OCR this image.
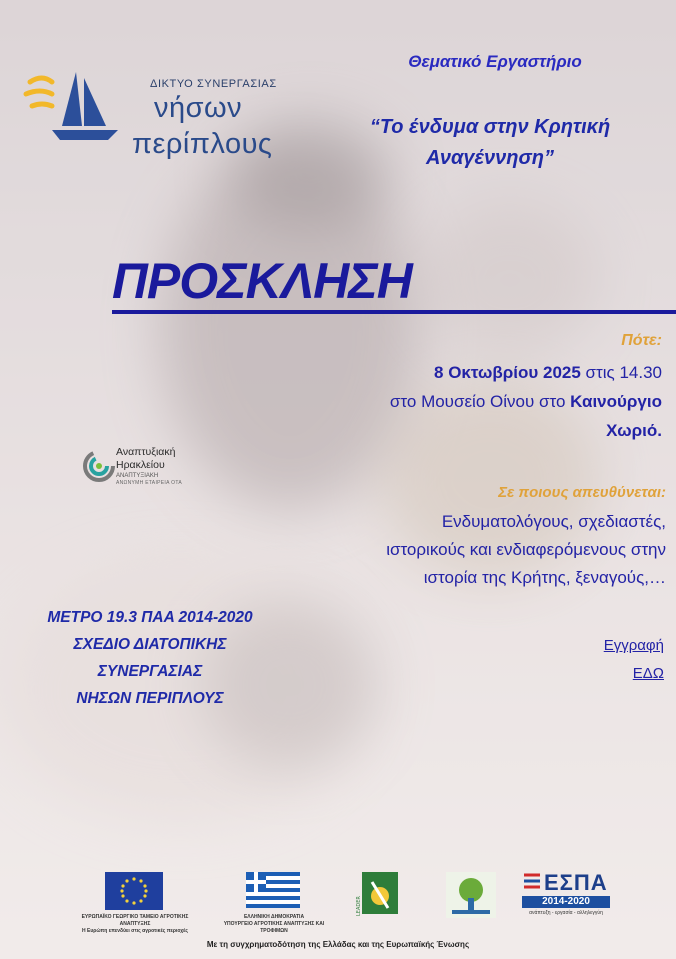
ΔΙΚΤΥΟ ΣΥΝΕΡΓΑΣΙΑΣ
νήσων
περίπλους
Θεματικό Εργαστήριο
“Το ένδυμα στην Κρητική
Αναγέννηση”
ΠΡΟΣΚΛΗΣΗ
Πότε:
8 Οκτωβρίου 2025 στις 14.30
στο Μουσείο Οίνου στο Καινούργιο
Χωριό.
Αναπτυξιακή
Ηρακλείου
ΑΝΑΠΤΥΞΙΑΚΗ
ΑΝΩΝΥΜΗ ΕΤΑΙΡΕΙΑ ΟΤΑ
Σε ποιους απευθύνεται:
Ενδυματολόγους, σχεδιαστές,
ιστορικούς και ενδιαφερόμενους στην
ιστορία της Κρήτης, ξεναγούς,…
ΜΕΤΡΟ 19.3 ΠΑΑ 2014-2020
ΣΧΕΔΙΟ ΔΙΑΤΟΠΙΚΗΣ
ΣΥΝΕΡΓΑΣΙΑΣ
ΝΗΣΩΝ ΠΕΡΙΠΛΟΥΣ
Εγγραφή
ΕΔΩ
ΕΥΡΩΠΑΪΚΟ ΓΕΩΡΓΙΚΟ ΤΑΜΕΙΟ ΑΓΡΟΤΙΚΗΣ ΑΝΑΠΤΥΞΗΣ
Η Ευρώπη επενδύει στις αγροτικές περιοχές
ΕΛΛΗΝΙΚΗ ΔΗΜΟΚΡΑΤΙΑ
ΥΠΟΥΡΓΕΙΟ ΑΓΡΟΤΙΚΗΣ ΑΝΑΠΤΥΞΗΣ ΚΑΙ ΤΡΟΦΙΜΩΝ
LEADER
ΕΣΠΑ
2014-2020
ανάπτυξη - εργασία - αλληλεγγύη
Με τη συγχρηματοδότηση της Ελλάδας και της Ευρωπαϊκής Ένωσης
